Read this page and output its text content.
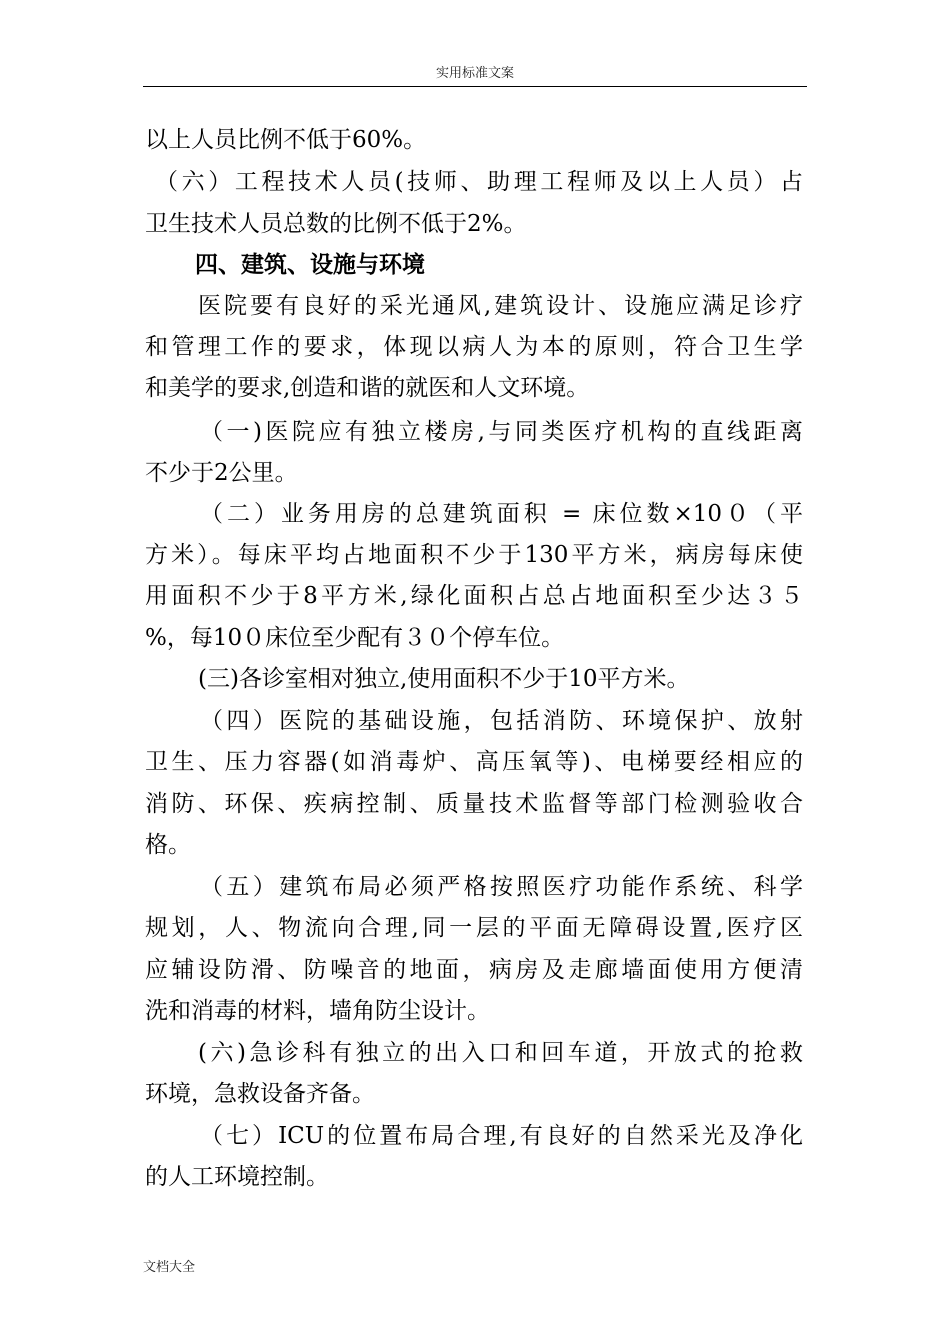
实用标准文案
以上人员比例不低于60%。
（六）工程技术人员(技师、助理工程师及以上人员）占
卫生技术人员总数的比例不低于2%。
四、建筑、设施与环境
医院要有良好的采光通风,建筑设计、设施应满足诊疗
和管理工作的要求，体现以病人为本的原则，符合卫生学
和美学的要求,创造和谐的就医和人文环境。
（一)医院应有独立楼房,与同类医疗机构的直线距离
不少于2公里。
（二）业务用房的总建筑面积 = 床位数×10０（平
方米）。每床平均占地面积不少于130平方米，病房每床使
用面积不少于8平方米,绿化面积占总占地面积至少达３５
%，每10０床位至少配有３０个停车位。
(三)各诊室相对独立,使用面积不少于10平方米。
（四）医院的基础设施，包括消防、环境保护、放射
卫生、压力容器(如消毒炉、高压氧等)、电梯要经相应的
消防、环保、疾病控制、质量技术监督等部门检测验收合
格。
（五）建筑布局必须严格按照医疗功能作系统、科学
规划，人、物流向合理,同一层的平面无障碍设置,医疗区
应辅设防滑、防噪音的地面，病房及走廊墙面使用方便清
洗和消毒的材料，墙角防尘设计。
(六)急诊科有独立的出入口和回车道，开放式的抢救
环境，急救设备齐备。
（七）ICU的位置布局合理,有良好的自然采光及净化
的人工环境控制。
文档大全
